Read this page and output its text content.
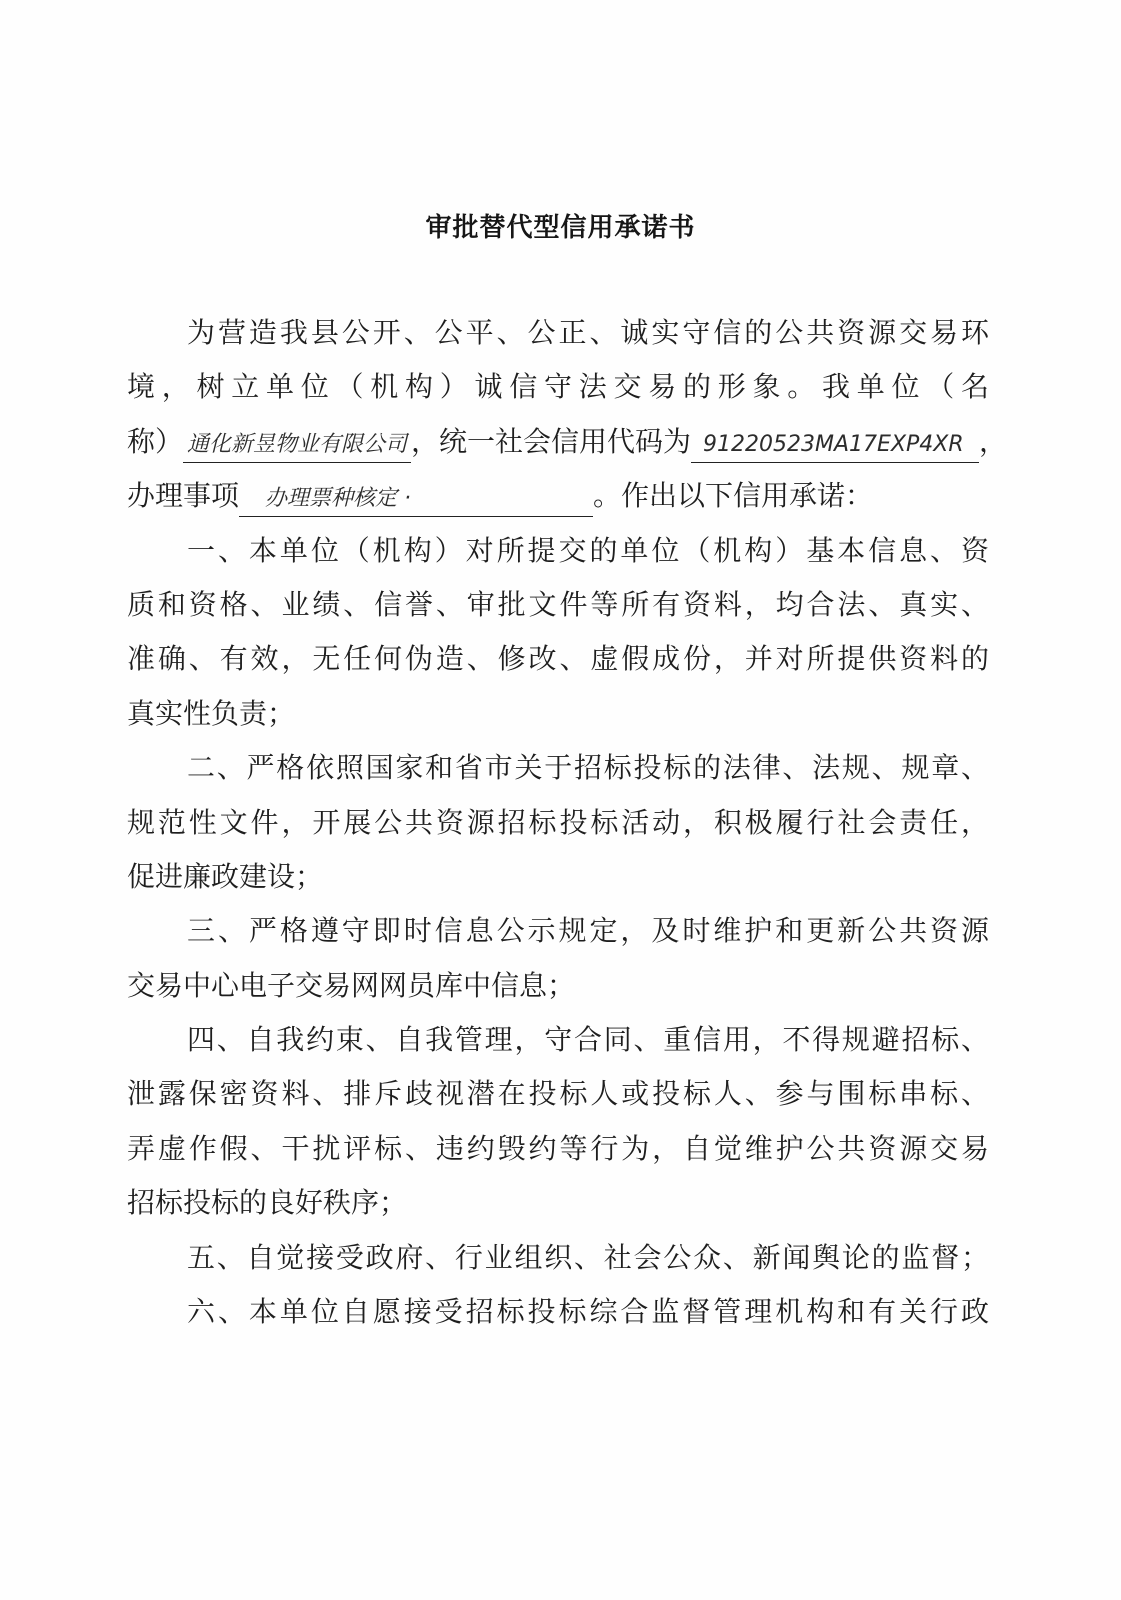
审批替代型信用承诺书
为营造我县公开、公平、公正、诚实守信的公共资源交易环
境，树立单位（机构）诚信守法交易的形象。我单位（名
称） 通化新昱物业有限公司 ，统一社会信用代码为 91220523MA17EXP4XR ，
办理事项 办理票种核定 ·	。作出以下信用承诺：
一、本单位（机构）对所提交的单位（机构）基本信息、资
质和资格、业绩、信誉、审批文件等所有资料，均合法、真实、
准确、有效，无任何伪造、修改、虚假成份，并对所提供资料的
真实性负责；
二、严格依照国家和省市关于招标投标的法律、法规、规章、
规范性文件，开展公共资源招标投标活动，积极履行社会责任，
促进廉政建设；
三、严格遵守即时信息公示规定，及时维护和更新公共资源
交易中心电子交易网网员库中信息；
四、自我约束、自我管理，守合同、重信用，不得规避招标、
泄露保密资料、排斥歧视潜在投标人或投标人、参与围标串标、
弄虚作假、干扰评标、违约毁约等行为，自觉维护公共资源交易
招标投标的良好秩序；
五、自觉接受政府、行业组织、社会公众、新闻舆论的监督；
六、本单位自愿接受招标投标综合监督管理机构和有关行政
